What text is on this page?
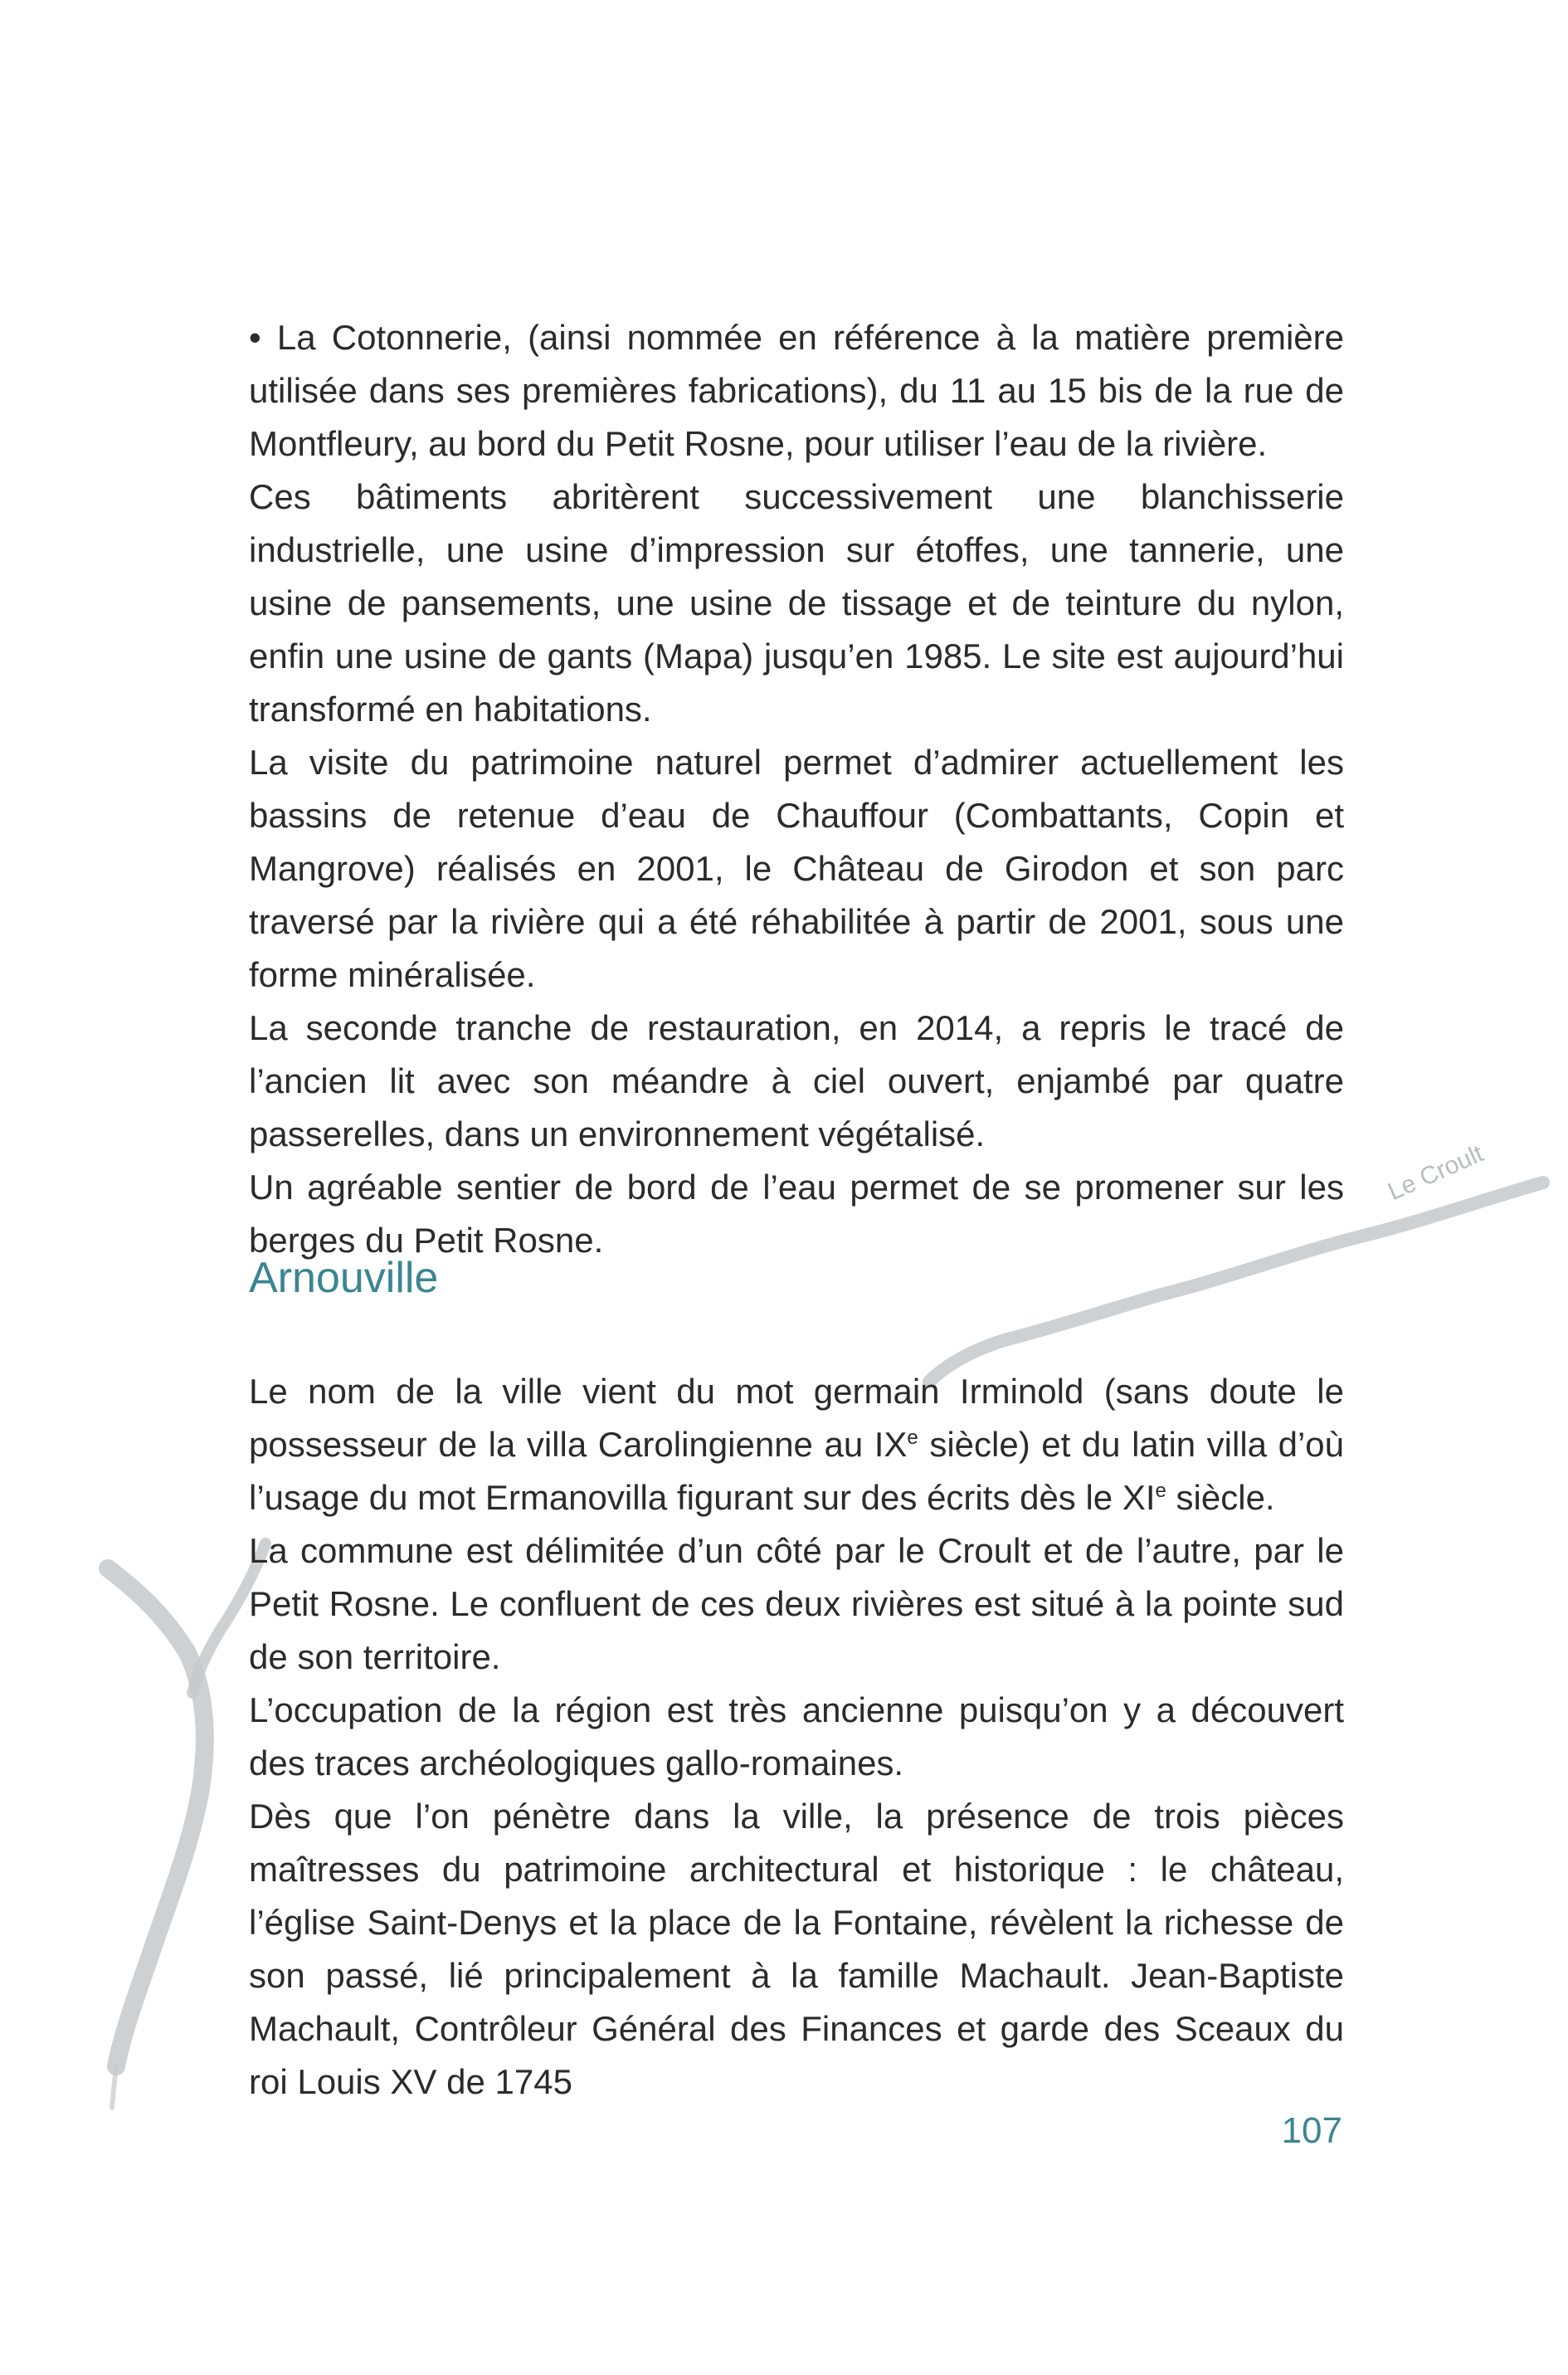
Le Croult

• La Cotonnerie, (ainsi nommée en référence à la matière première utilisée dans ses premières fabrications), du 11 au 15 bis de la rue de Montfleury, au bord du Petit Rosne, pour utiliser l’eau de la rivière.

Ces bâtiments abritèrent successivement une blanchisserie industrielle, une usine d’impression sur étoffes, une tannerie, une usine de pansements, une usine de tissage et de teinture du nylon, enfin une usine de gants (Mapa) jusqu’en 1985. Le site est aujourd’hui transformé en habitations.

La visite du patrimoine naturel permet d’admirer actuellement les bassins de retenue d’eau de Chauffour (Combattants, Copin et Mangrove) réalisés en 2001, le Château de Girodon et son parc traversé par la rivière qui a été réhabilitée à partir de 2001, sous une forme minéralisée.

La seconde tranche de restauration, en 2014, a repris le tracé de l’ancien lit avec son méandre à ciel ouvert, enjambé par quatre passerelles, dans un environnement végétalisé.

Un agréable sentier de bord de l’eau permet de se promener sur les berges du Petit Rosne.

Arnouville

Le nom de la ville vient du mot germain Irminold (sans doute le possesseur de la villa Carolingienne au IXe siècle) et du latin villa d’où l’usage du mot Ermanovilla figurant sur des écrits dès le XIe siècle.

La commune est délimitée d’un côté par le Croult et de l’autre, par le Petit Rosne. Le confluent de ces deux rivières est situé à la pointe sud de son territoire.

L’occupation de la région est très ancienne puisqu’on y a découvert des traces archéologiques gallo-romaines.

Dès que l’on pénètre dans la ville, la présence de trois pièces maîtresses du patrimoine architectural et historique : le château, l’église Saint-Denys et la place de la Fontaine, révèlent la richesse de son passé, lié principalement à la famille Machault. Jean-Baptiste Machault, Contrôleur Général des Finances et garde des Sceaux du roi Louis XV de 1745

107
